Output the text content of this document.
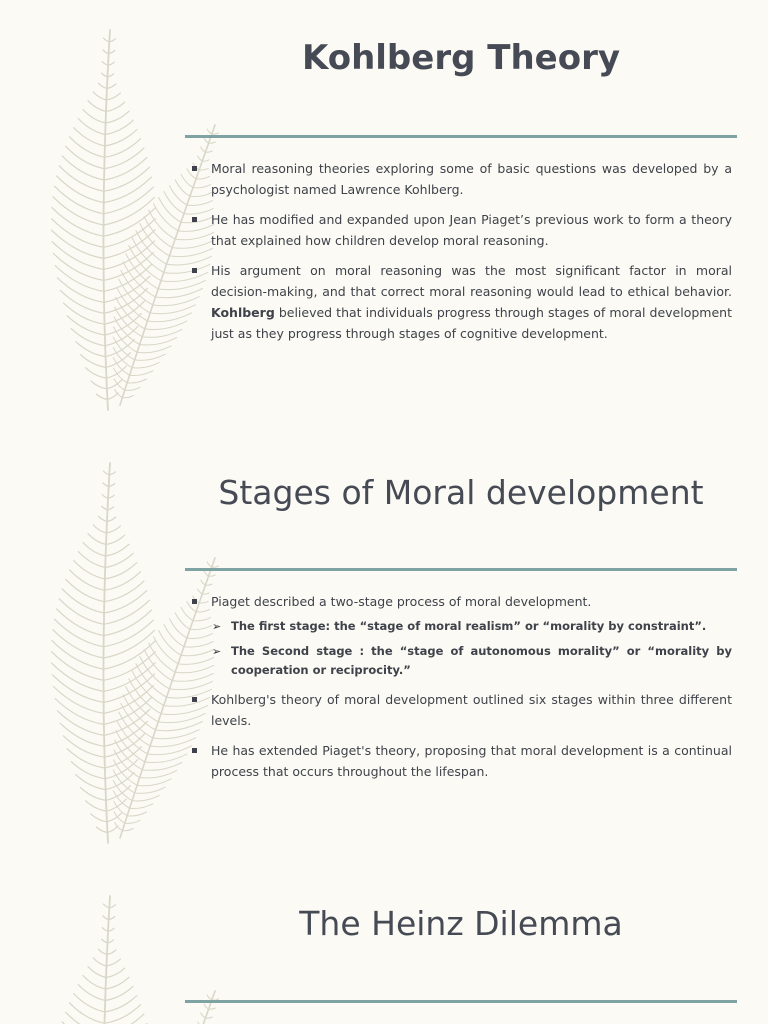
Kohlberg Theory
Moral reasoning theories exploring some of basic questions was developed by a psychologist named Lawrence Kohlberg.
He has modified and expanded upon Jean Piaget’s previous work to form a theory that explained how children develop moral reasoning.
His argument on moral reasoning was the most significant factor in moral decision-making, and that correct moral reasoning would lead to ethical behavior. Kohlberg believed that individuals progress through stages of moral development just as they progress through stages of cognitive development.
Stages of Moral development
Piaget described a two-stage process of moral development.
➢ The first stage: the “stage of moral realism” or “morality by constraint”.
➢ The Second stage : the “stage of autonomous morality” or “morality by cooperation or reciprocity.”
Kohlberg's theory of moral development outlined six stages within three different levels.
He has extended Piaget's theory, proposing that moral development is a continual process that occurs throughout the lifespan.
The Heinz Dilemma
